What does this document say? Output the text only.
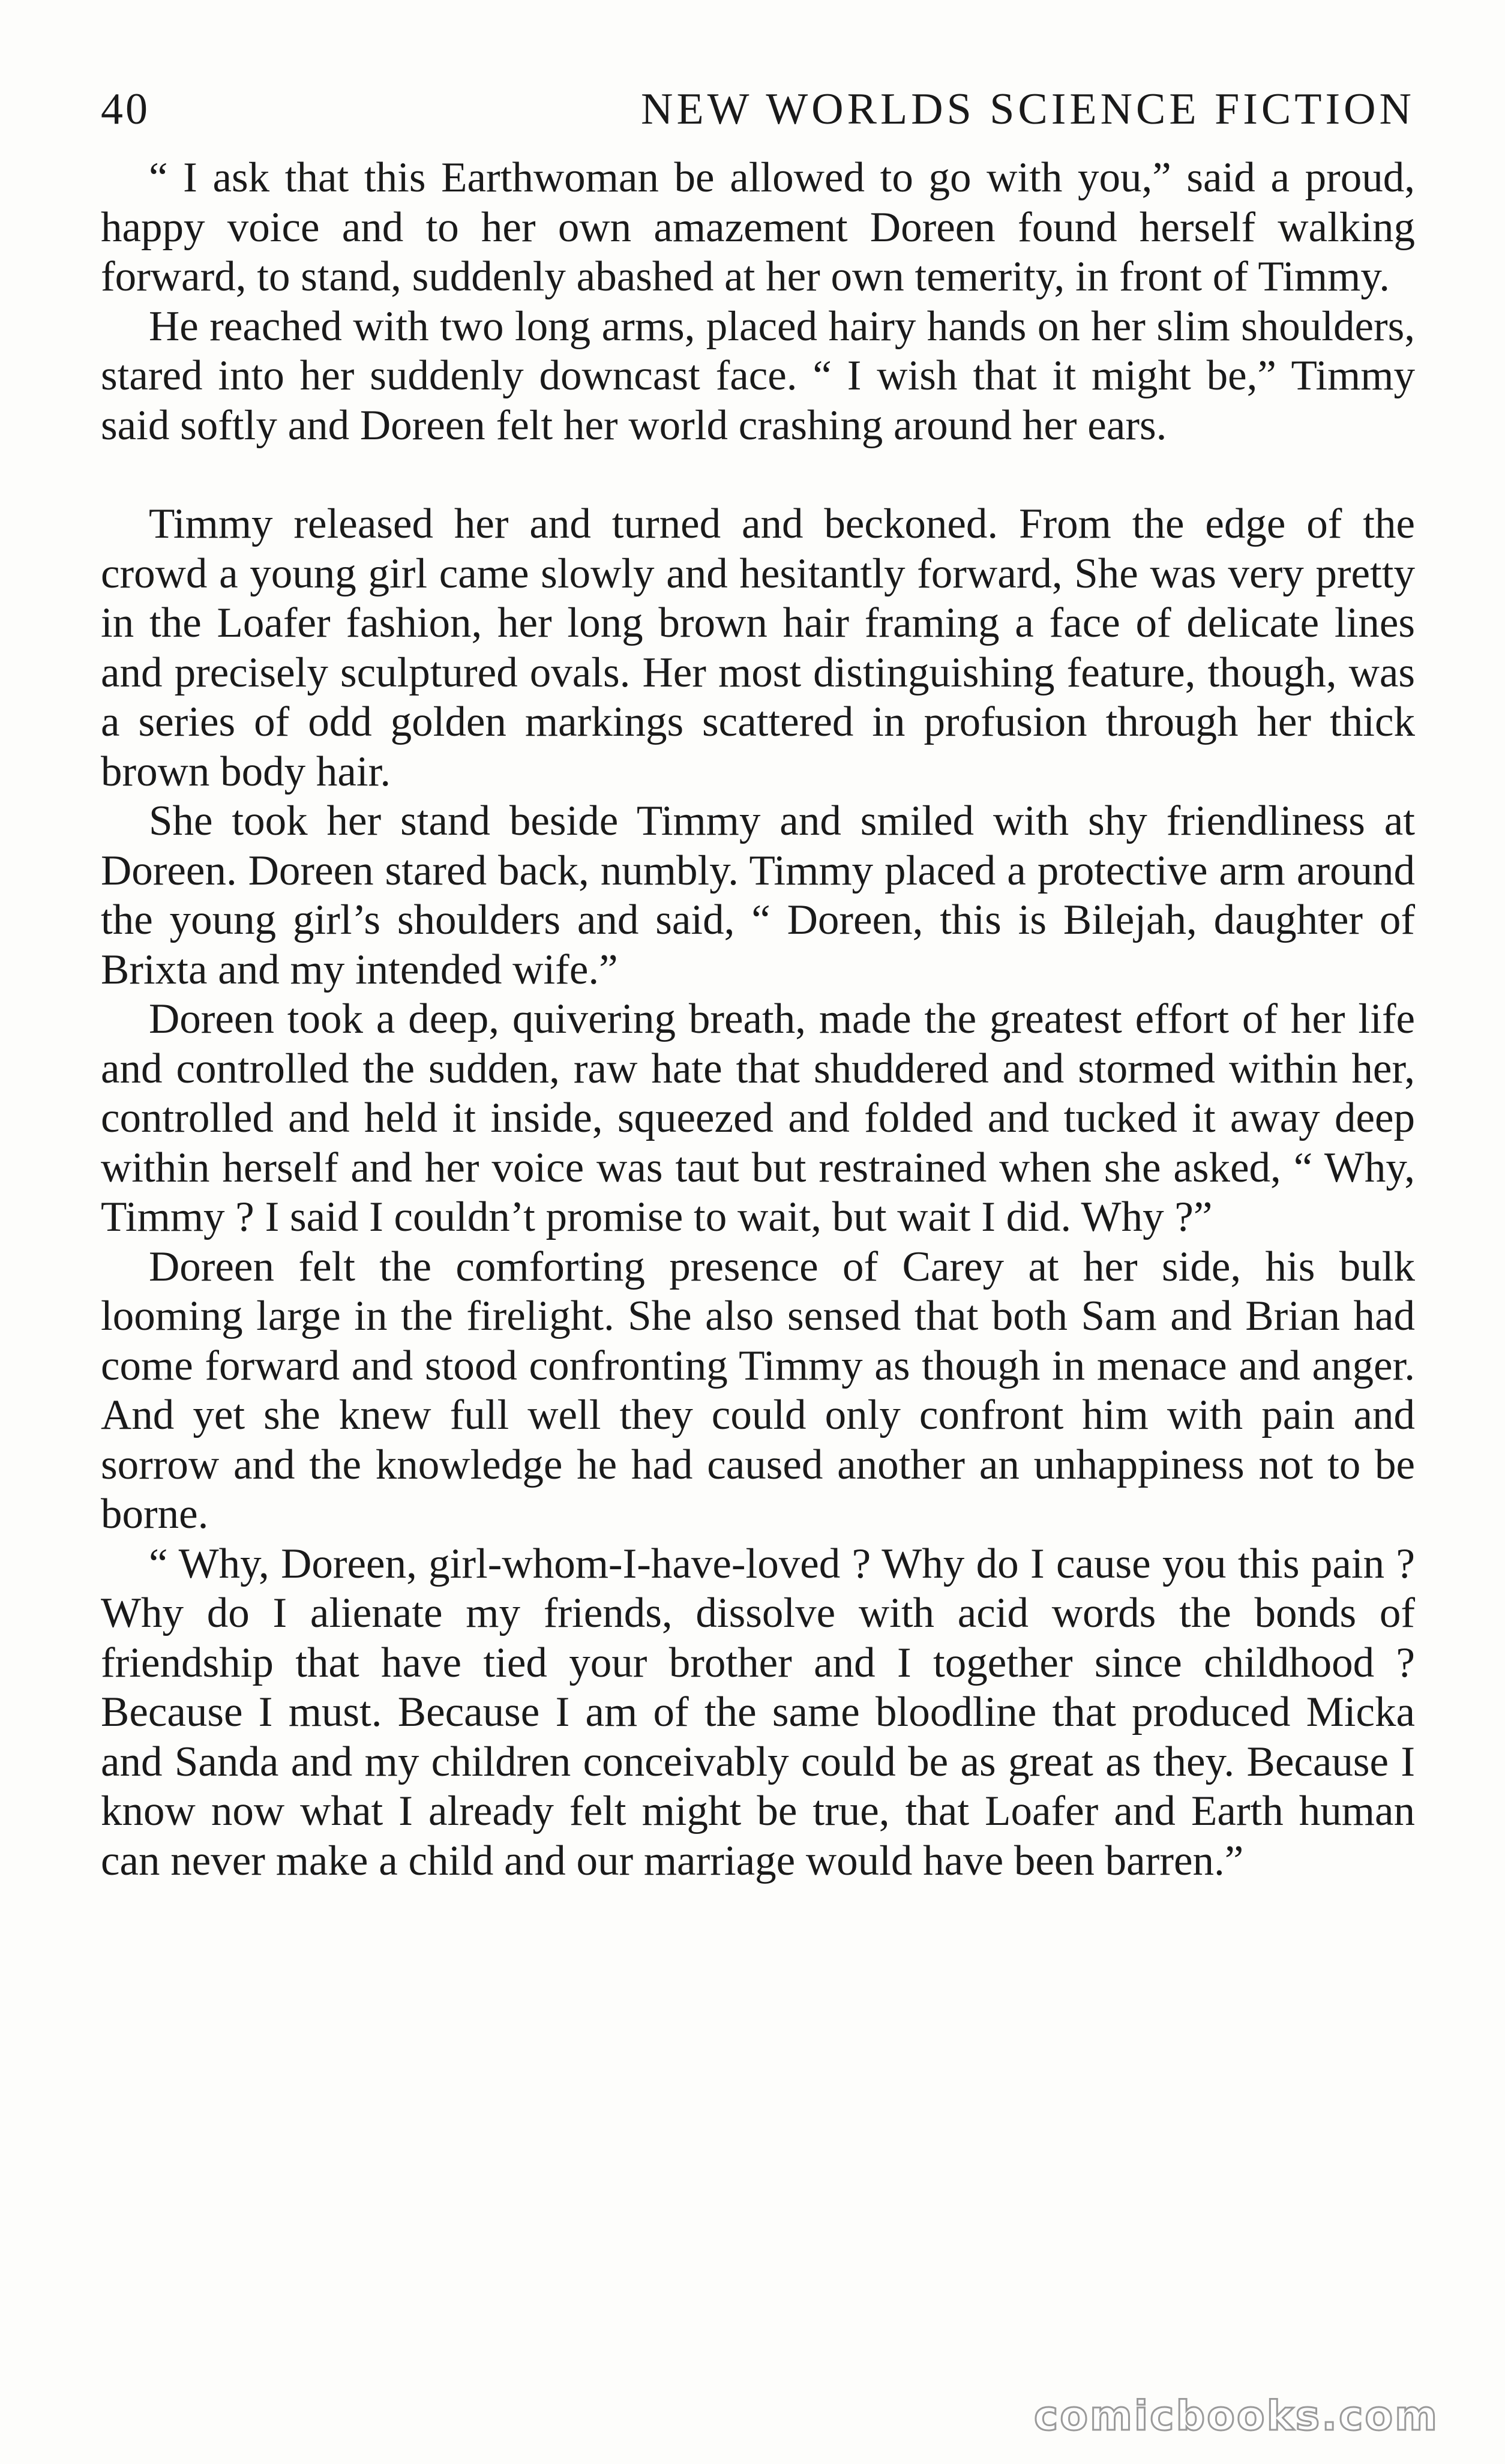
40	NEW WORLDS SCIENCE FICTION

“ I ask that this Earthwoman be allowed to go with you,” said a proud, happy voice and to her own amazement Doreen found herself walking forward, to stand, suddenly abashed at her own temerity, in front of Timmy.

He reached with two long arms, placed hairy hands on her slim shoulders, stared into her suddenly downcast face. “ I wish that it might be,” Timmy said softly and Doreen felt her world crashing around her ears.

Timmy released her and turned and beckoned. From the edge of the crowd a young girl came slowly and hesitantly forward, She was very pretty in the Loafer fashion, her long brown hair framing a face of delicate lines and precisely sculptured ovals. Her most distinguishing feature, though, was a series of odd golden markings scattered in profusion through her thick brown body hair.

She took her stand beside Timmy and smiled with shy friendliness at Doreen. Doreen stared back, numbly. Timmy placed a protective arm around the young girl’s shoulders and said, “ Doreen, this is Bilejah, daughter of Brixta and my intended wife.”

Doreen took a deep, quivering breath, made the greatest effort of her life and controlled the sudden, raw hate that shuddered and stormed within her, controlled and held it inside, squeezed and folded and tucked it away deep within herself and her voice was taut but restrained when she asked, “ Why, Timmy ? I said I couldn’t promise to wait, but wait I did. Why ?”

Doreen felt the comforting presence of Carey at her side, his bulk looming large in the firelight. She also sensed that both Sam and Brian had come forward and stood confronting Timmy as though in menace and anger. And yet she knew full well they could only confront him with pain and sorrow and the knowledge he had caused another an unhappiness not to be borne.

“ Why, Doreen, girl-whom-I-have-loved ? Why do I cause you this pain ? Why do I alienate my friends, dissolve with acid words the bonds of friendship that have tied your brother and I together since childhood ? Because I must. Because I am of the same bloodline that produced Micka and Sanda and my children conceivably could be as great as they. Because I know now what I already felt might be true, that Loafer and Earth human can never make a child and our marriage would have been barren.”

comicbooks.com
